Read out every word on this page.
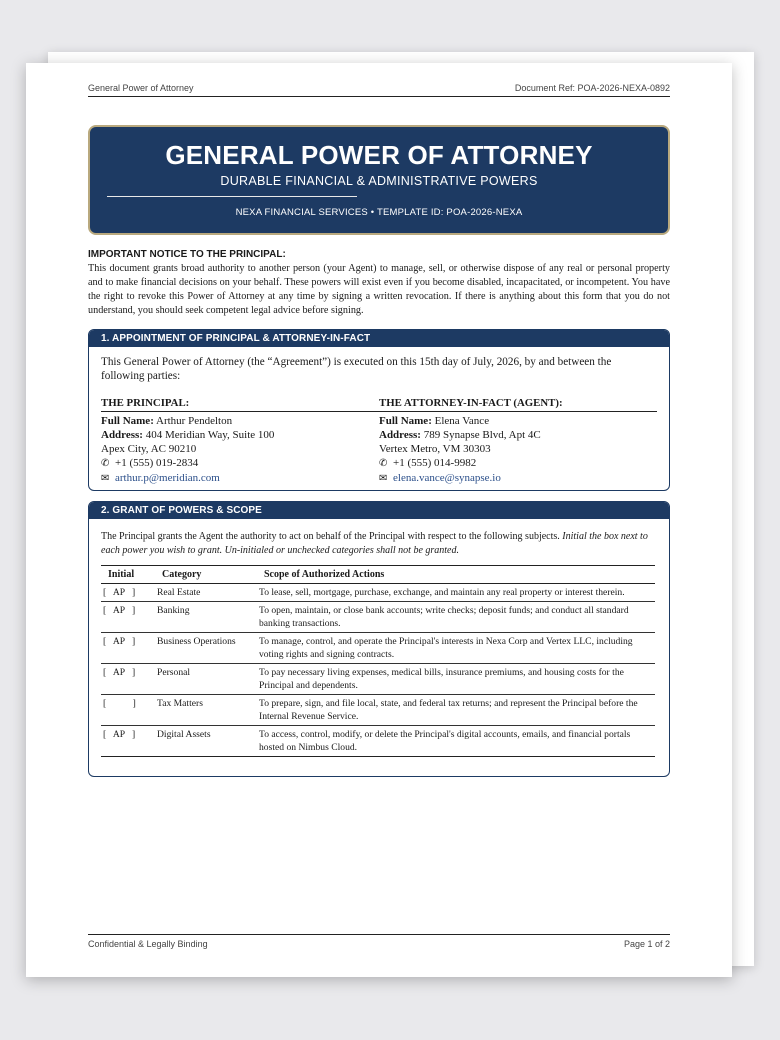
General Power of Attorney	Document Ref: POA-2026-NEXA-0892
GENERAL POWER OF ATTORNEY
DURABLE FINANCIAL & ADMINISTRATIVE POWERS
NEXA FINANCIAL SERVICES • TEMPLATE ID: POA-2026-NEXA
IMPORTANT NOTICE TO THE PRINCIPAL:
This document grants broad authority to another person (your Agent) to manage, sell, or otherwise dispose of any real or personal property and to make financial decisions on your behalf. These powers will exist even if you become disabled, incapacitated, or incompetent. You have the right to revoke this Power of Attorney at any time by signing a written revocation. If there is anything about this form that you do not understand, you should seek competent legal advice before signing.
1. APPOINTMENT OF PRINCIPAL & ATTORNEY-IN-FACT
This General Power of Attorney (the “Agreement”) is executed on this 15th day of July, 2026, by and between the following parties:
THE PRINCIPAL:
Full Name: Arthur Pendelton
Address: 404 Meridian Way, Suite 100
Apex City, AC 90210
✆ +1 (555) 019-2834
✉ arthur.p@meridian.com
THE ATTORNEY-IN-FACT (AGENT):
Full Name: Elena Vance
Address: 789 Synapse Blvd, Apt 4C
Vertex Metro, VM 30303
✆ +1 (555) 014-9982
✉ elena.vance@synapse.io
2. GRANT OF POWERS & SCOPE
The Principal grants the Agent the authority to act on behalf of the Principal with respect to the following subjects. Initial the box next to each power you wish to grant. Un-initialed or unchecked categories shall not be granted.
Initial	Category	Scope of Authorized Actions
[   AP   ]	Real Estate	To lease, sell, mortgage, purchase, exchange, and maintain any real property or interest therein.
[   AP   ]	Banking	To open, maintain, or close bank accounts; write checks; deposit funds; and conduct all standard banking transactions.
[   AP   ]	Business Operations	To manage, control, and operate the Principal's interests in Nexa Corp and Vertex LLC, including voting rights and signing contracts.
[   AP   ]	Personal	To pay necessary living expenses, medical bills, insurance premiums, and housing costs for the Principal and dependents.
[           ]	Tax Matters	To prepare, sign, and file local, state, and federal tax returns; and represent the Principal before the Internal Revenue Service.
[   AP   ]	Digital Assets	To access, control, modify, or delete the Principal's digital accounts, emails, and financial portals hosted on Nimbus Cloud.
Confidential & Legally Binding	Page 1 of 2
